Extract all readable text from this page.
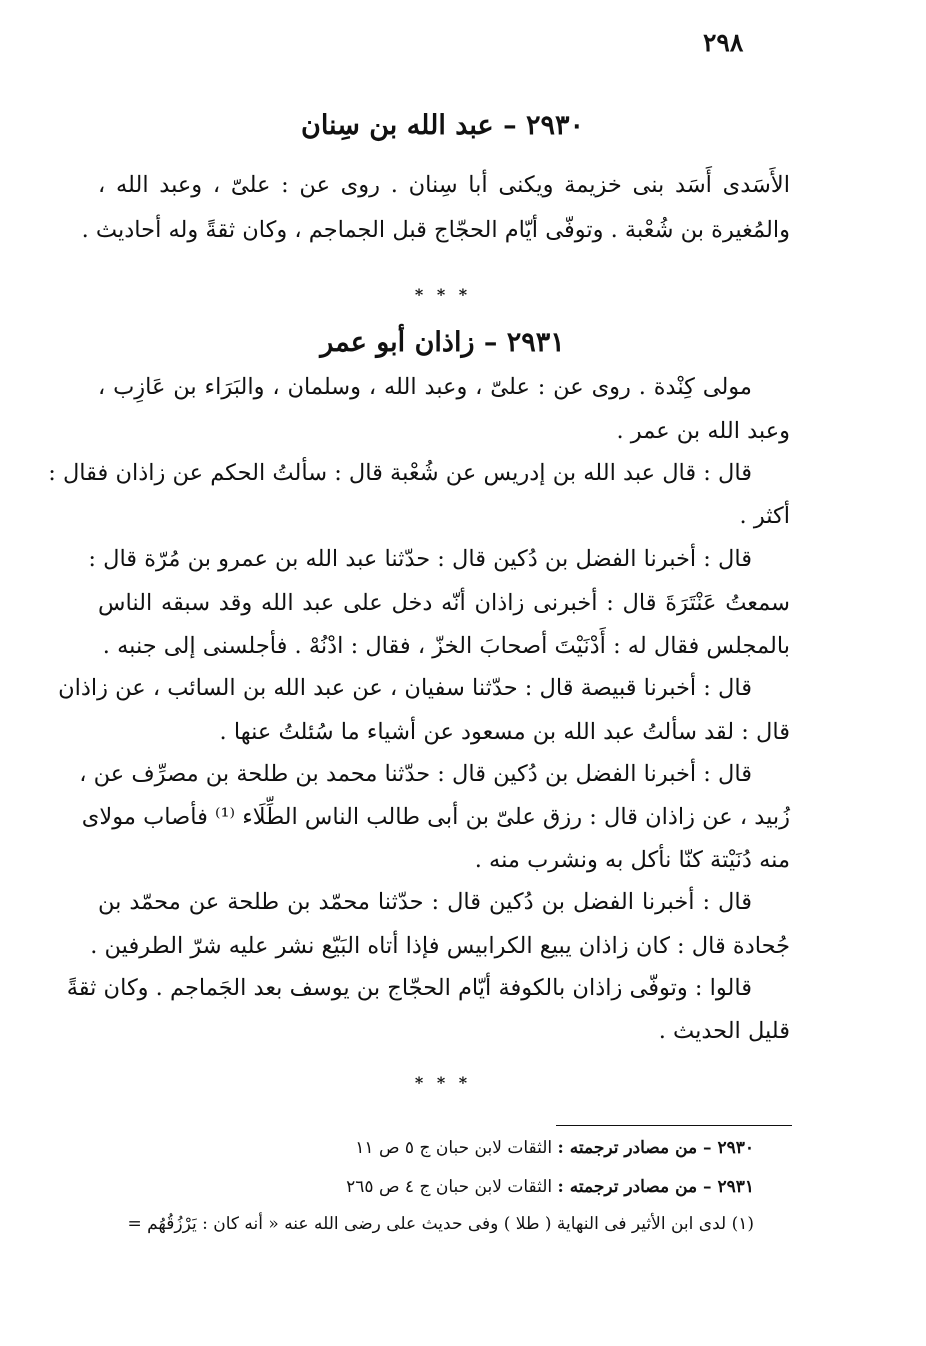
٢٩٨
٢٩٣٠ – عبد الله بن سِنان
الأَسَدى أَسَد بنى خزيمة ويكنى أبا سِنان . روى عن : علىّ ، وعبد الله ،
والمُغيرة بن شُعْبة . وتوفّى أيّام الحجّاج قبل الجماجم ، وكان ثقةً وله أحاديث .
* * *
٢٩٣١ – زاذان أبو عمر
مولى كِنْدة . روى عن : علىّ ، وعبد الله ، وسلمان ، والبَرَاء بن عَازِب ،
وعبد الله بن عمر .
قال : قال عبد الله بن إدريس عن شُعْبة قال : سألتُ الحكم عن زاذان فقال :
أكثر .
قال : أخبرنا الفضل بن دُكين قال : حدّثنا عبد الله بن عمرو بن مُرّة قال :
سمعتُ عَنْتَرَةَ قال : أخبرنى زاذان أنّه دخل على عبد الله وقد سبقه الناس
بالمجلس فقال له : أَدْنَيْتَ أصحابَ الخزّ ، فقال : ادْنُهْ . فأجلسنى إلى جنبه .
قال : أخبرنا قبيصة قال : حدّثنا سفيان ، عن عبد الله بن السائب ، عن زاذان
قال : لقد سألتُ عبد الله بن مسعود عن أشياء ما سُئلتُ عنها .
قال : أخبرنا الفضل بن دُكين قال : حدّثنا محمد بن طلحة بن مصرِّف عن ،
زُبيد ، عن زاذان قال : رزق علىّ بن أبى طالب الناس الطِّلَاء ⁽¹⁾ فأصاب مولاى
منه دُنَيْتة كنّا نأكل به ونشرب منه .
قال : أخبرنا الفضل بن دُكين قال : حدّثنا محمّد بن طلحة عن محمّد بن
جُحادة قال : كان زاذان يبيع الكرابيس فإذا أتاه البَيّع نشر عليه شرّ الطرفين .
قالوا : وتوفّى زاذان بالكوفة أيّام الحجّاج بن يوسف بعد الجَماجم . وكان ثقةً
قليل الحديث .
* * *
٢٩٣٠ – من مصادر ترجمته : الثقات لابن حبان ج ٥ ص ١١
٢٩٣١ – من مصادر ترجمته : الثقات لابن حبان ج ٤ ص ٢٦٥
(١) لدى ابن الأثير فى النهاية ( طلا ) وفى حديث على رضى الله عنه « أنه كان : يَرْزُقُهُم =
